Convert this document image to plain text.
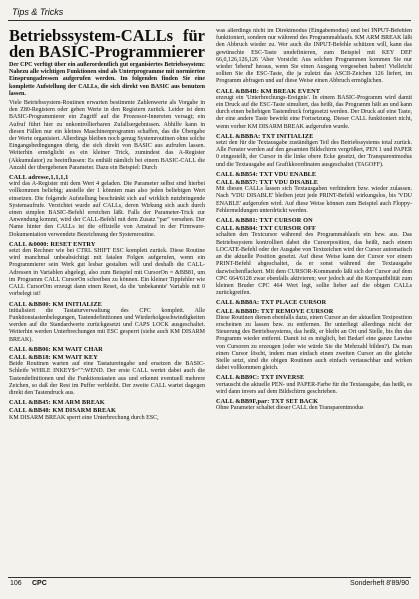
Tips & Tricks
Betriebssystem-CALLs für den BASIC-Programmierer
Der CPC verfügt über ein außerordentlich gut organisiertes Betriebssystem: Nahezu alle wichtigen Funktionen sind als Unterprogramme mit normierten Einsprungadressen aufgerufen werden. Im folgenden finden Sie eine komplette Aufstellung der CALLs, die sich direkt von BASIC aus benutzen lassen.
Viele Betriebssystem-Routinen erwarten bestimmte Zahlenwerte als Vorgabe in den Z80-Registern oder geben Werte in den Registern zurück. Leider ist dem BASIC-Programmierer ein Zugriff auf die Prozessor-Innereien versagt; ein Aufruf führt hier zu unkontrollierbaren Zufallsergebnissen. Abhilfe kann in diesen Fällen nur ein kleines Maschinenprogramm schaffen, das die Übergabe der Werte organisiert. Allerdings bleiben noch genug Systemroutinen ohne solche Eingangsbedingungen übrig, die sich direkt von BASIC aus aufrufen lassen. Weiterhin ermöglicht es ein kleiner Trick, zumindest das A-Register (Akkumulator) zu beeinflussen: Es enthält nämlich bei einem BASIC-CALL die Anzahl der übergebenen Parameter. Dazu ein Beispiel: Durch
CALL adresse,1,1,1,1
wird das A-Register mit dem Wert 4 geladen. Die Parameter selbst sind hierbei vollkommen beliebig; anstelle der 1 könnten man also jeden beliebigen Wert einsetzen. Die folgende Aufstellung beschränkt sich auf wirklich nutzbringende Systemaufrufe. Verzichtet wurde auf CALLs, deren Wirkung sich auch durch einen simplen BASIC-Befehl erreichen läßt. Falls der Parameter-Trick zur Anwendung kommt, wird der CALL-Befehl mit dem Zusatz "par" versehen. Der Name hinter den CALLs ist die offizielle von Amstrad in der Firmware-Dokumentation verwendete Bezeichnung der Systemroutine.
CALL &0000: RESET ENTRY
setzt den Rechner wie bei CTRL SHIFT ESC komplett zurück. Diese Routine wird manchmal unbeabsichtigt mit fatalen Folgen aufgerufen, wenn ein Programmierer sein Werk gut lesbar gestalten will und deshalb die CALL-Adressen in Variablen abgelegt, also zum Beispiel mit CursorOn = &BB81, um im Programm CALL CursorOn schreiben zu können. Ein kleiner Tippfehler wie CALL CursorOm erzeugt dann einen Reset, da die 'unbekannte' Variable mit 0 vorbelegt ist!
CALL &BB00: KM INITIALIZE
initialisiert die Tastaturverwaltung des CPC komplett. Alle Funktionstastenbelegungen, Tastendefinitionen und Wiederholgeschwindigkeiten werden auf die Standardwerte zurückgesetzt und CAPS LOCK ausgeschaltet. Weiterhin werden Unterbrechungen mit ESC gesperrt (siehe auch KM DISARM BREAK).
CALL &BB06: KM WAIT CHAR
CALL &BB18: KM WAIT KEY
Beide Routinen warten auf eine Tastatureingabe und ersetzen die BASIC-Schleife WHILE INKEY$="":WEND. Der erste CALL wertet dabei auch die Tastendefinitionen und die Funktionstasten aus und erkennt eventuell mehrere Zeichen, so daß der Rest im Puffer verbleibt. Der zweite CALL wartet dagegen direkt den Tastendruck aus.
CALL &BB45: KM ARM BREAK
CALL &BB48: KM DISARM BREAK
KM DISARM BREAK sperrt eine Unterbrechung durch ESC,
was allerdings nicht im Direktmodus (Eingabemodus) und bei INPUT-Befehlen funktioniert, sondern nur während des Programmablaufs. KM ARM BREAK läßt den Abbruch wieder zu. Wer auch die INPUT-Befehle schützen will, kann das gewünschte ESC-Taste umdefinieren, zum Beispiel mit KEY DEF 66,0,126,126,126 'Aber Vorsicht: Aus solchen Programmen kommen Sie nur wieder 'lebend' heraus, wenn Sie einen Ausgang vorgesehen haben! Vielleicht sollten Sie die ESC-Taste, die ja zuletzt das ASCII-Zeichen 126 liefert, im Programm abfragen und auf diese Weise einen Abbruch ermöglichen.
CALL &BB4B: KM BREAK EVENT
erzeugt ein 'Unterbrechungs-Ereignis'. In einem BASIC-Programm wird damit ein Druck auf die ESC-Taste simuliert, das heißt, das Programm hält an und kann durch einen beliebigen Tastendruck fortgesetzt werden. Der Druck auf eine Taste, der eine andere Taste bewirkt eine Fortsetzung. Dieser CALL funktioniert nicht, wenn vorher KM DISARM BREAK aufgerufen wurde.
CALL &BBBA: TXT INITIALIZE
setzt den für die Textausgabe zuständigen Teil des Betriebssystems total zurück. Alle Fenster werden auf den gesamten Bildschirm vergrößert, PEN 1 und PAPER 0 eingestellt, der Cursor in die linke obere Ecke gesetzt, der Transparentmodus und die Textausgabe auf Grafikkoordinaten ausgeschaltet (TAGOFF).
CALL &BB54: TXT VDU ENABLE
CALL &BB57: TXT VDU DISABLE
Mit diesen CALLs lassen sich Textausgaben verhindern bzw. wieder zulassen. Nach 'VDU DISABLE' bleiben jetzt jede PRINT-Befehl wirkungslos, bis 'VDU ENABLE' aufgerufen wird. Auf diese Weise können zum Beispiel auch Floppy-Fehlermeldungen unterdrückt werden.
CALL &BB81: TXT CURSOR ON
CALL &BB84: TXT CURSOR OFF
schalten den Textcursor während des Programmablaufs ein bzw. aus. Das Betriebssystem kontrolliert dabei die Cursorposition, das heißt, nach einem LOCATE-Befehl oder der Ausgabe von Textzeichen wird der Cursor automatisch an die aktuelle Position gesetzt. Auf diese Weise kann der Cursor vor einem PRINT-Befehl abgeschaltet, da er sonst während der Textausgabe dazwischenflackert. Mit dem CURSOR-Kommando läßt sich der Cursor auf dem CPC 664/6128 zwar ebenfalls aktivieren; wer jedoch auf die Kompatibilität zum kleinen Bruder CPC 464 Wert legt, sollte lieber auf die obigen CALLs zurückgreifen.
CALL &BB8A: TXT PLACE CURSOR
CALL &BB8D: TXT REMOVE CURSOR
Diese Routinen dienen ebenfalls dazu, einen Cursor an der aktuellen Textposition erscheinen zu lassen bzw. zu entfernen. Ihr unterliegt allerdings nicht der Steuerung des Betriebssystems, das heißt, er bleibt an Ort und Stelle, bis ihn das Programm wieder entfernt. Damit ist es möglich, bei Bedarf eine ganze Lawine von Cursoren zu erzeugen (oder wie würde Sie die Mehrzahl bilden?). Da man einen Cursor löscht, indem man einfach einen zweiten Cursor an die gleiche Stelle setzt, sind die obigen Routinen auch einfach vertauschbar und wirken dabei vollkommen gleich.
CALL &BB9C: TXT INVERSE
vertauscht die aktuelle PEN- und PAPER-Farbe für die Textausgabe, das heißt, es wird dann invers auf dem Bildschirm geschrieben.
CALL &BB9F,par: TXT SET BACK
Ohne Parameter schaltet dieser CALL den Transparentmodus
106 CPC	Sonderheft 8'89/90
